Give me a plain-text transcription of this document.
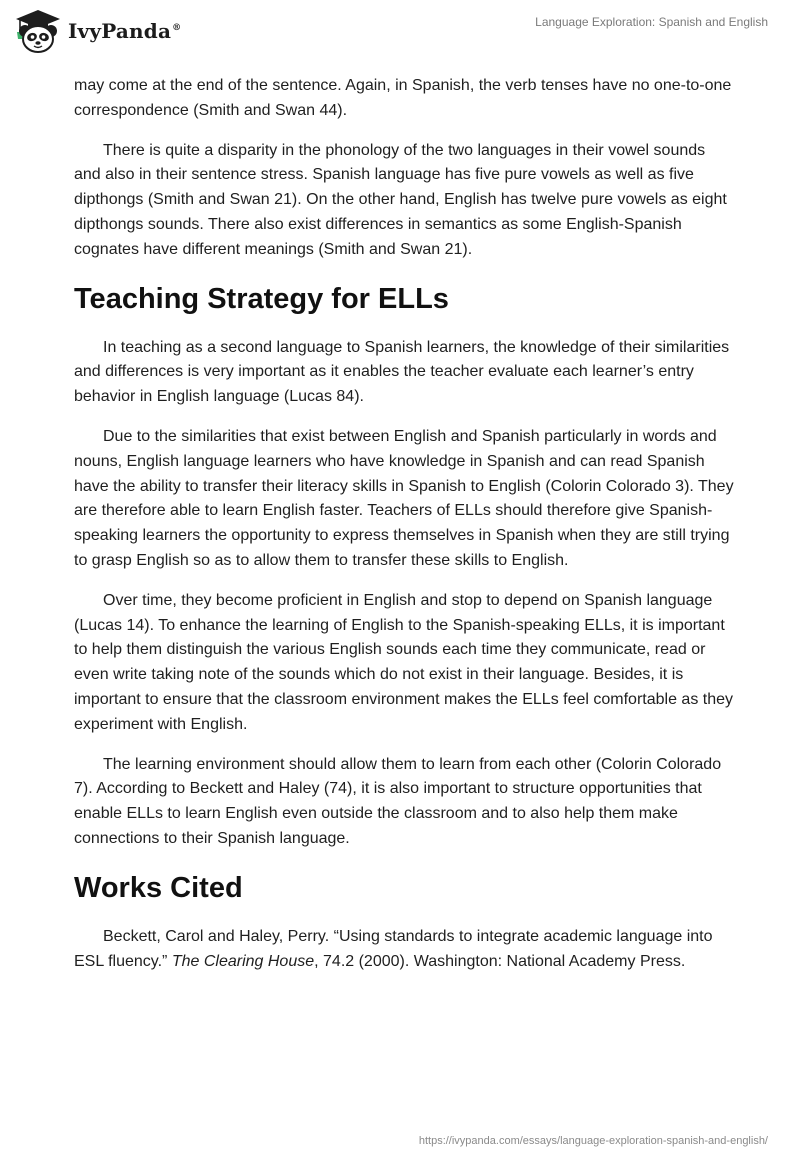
IvyPanda®	Language Exploration: Spanish and English

may come at the end of the sentence. Again, in Spanish, the verb tenses have no one-to-one correspondence (Smith and Swan 44).

There is quite a disparity in the phonology of the two languages in their vowel sounds and also in their sentence stress. Spanish language has five pure vowels as well as five dipthongs (Smith and Swan 21). On the other hand, English has twelve pure vowels as eight dipthongs sounds. There also exist differences in semantics as some English-Spanish cognates have different meanings (Smith and Swan 21).

Teaching Strategy for ELLs

In teaching as a second language to Spanish learners, the knowledge of their similarities and differences is very important as it enables the teacher evaluate each learner’s entry behavior in English language (Lucas 84).

Due to the similarities that exist between English and Spanish particularly in words and nouns, English language learners who have knowledge in Spanish and can read Spanish have the ability to transfer their literacy skills in Spanish to English (Colorin Colorado 3). They are therefore able to learn English faster. Teachers of ELLs should therefore give Spanish-speaking learners the opportunity to express themselves in Spanish when they are still trying to grasp English so as to allow them to transfer these skills to English.

Over time, they become proficient in English and stop to depend on Spanish language (Lucas 14). To enhance the learning of English to the Spanish-speaking ELLs, it is important to help them distinguish the various English sounds each time they communicate, read or even write taking note of the sounds which do not exist in their language. Besides, it is important to ensure that the classroom environment makes the ELLs feel comfortable as they experiment with English.

The learning environment should allow them to learn from each other (Colorin Colorado 7). According to Beckett and Haley (74), it is also important to structure opportunities that enable ELLs to learn English even outside the classroom and to also help them make connections to their Spanish language.

Works Cited

Beckett, Carol and Haley, Perry. “Using standards to integrate academic language into ESL fluency.” The Clearing House, 74.2 (2000). Washington: National Academy Press.

https://ivypanda.com/essays/language-exploration-spanish-and-english/
